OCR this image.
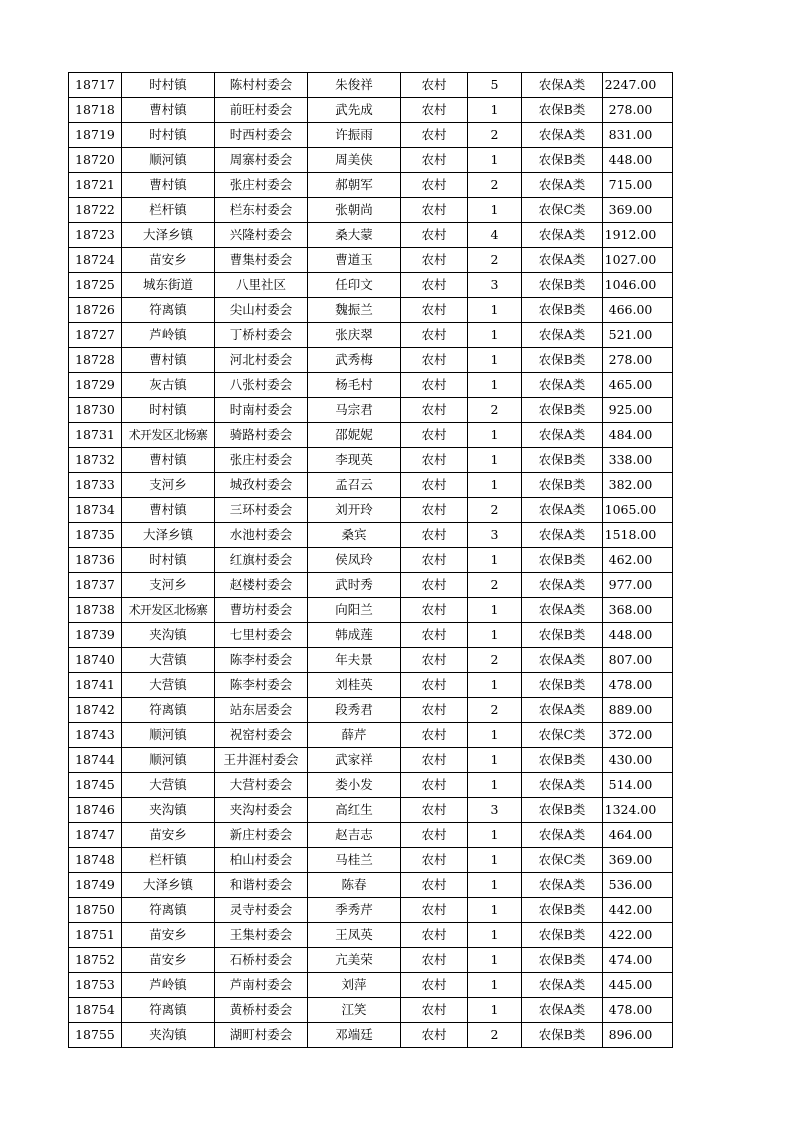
18717	时村镇	陈村村委会	朱俊祥	农村	5	农保A类	2247.00
18718	曹村镇	前旺村委会	武先成	农村	1	农保B类	278.00
18719	时村镇	时西村委会	许振雨	农村	2	农保A类	831.00
18720	顺河镇	周寨村委会	周美侠	农村	1	农保B类	448.00
18721	曹村镇	张庄村委会	郝朝军	农村	2	农保A类	715.00
18722	栏杆镇	栏东村委会	张朝尚	农村	1	农保C类	369.00
18723	大泽乡镇	兴隆村委会	桑大蒙	农村	4	农保A类	1912.00
18724	苗安乡	曹集村委会	曹道玉	农村	2	农保A类	1027.00
18725	城东街道	八里社区	任印文	农村	3	农保B类	1046.00
18726	符离镇	尖山村委会	魏振兰	农村	1	农保B类	466.00
18727	芦岭镇	丁桥村委会	张庆翠	农村	1	农保A类	521.00
18728	曹村镇	河北村委会	武秀梅	农村	1	农保B类	278.00
18729	灰古镇	八张村委会	杨毛村	农村	1	农保A类	465.00
18730	时村镇	时南村委会	马宗君	农村	2	农保B类	925.00
18731	术开发区北杨寨	骑路村委会	邵妮妮	农村	1	农保A类	484.00
18732	曹村镇	张庄村委会	李现英	农村	1	农保B类	338.00
18733	支河乡	城孜村委会	孟召云	农村	1	农保B类	382.00
18734	曹村镇	三环村委会	刘开玲	农村	2	农保A类	1065.00
18735	大泽乡镇	水池村委会	桑宾	农村	3	农保A类	1518.00
18736	时村镇	红旗村委会	侯凤玲	农村	1	农保B类	462.00
18737	支河乡	赵楼村委会	武时秀	农村	2	农保A类	977.00
18738	术开发区北杨寨	曹坊村委会	向阳兰	农村	1	农保A类	368.00
18739	夹沟镇	七里村委会	韩成莲	农村	1	农保B类	448.00
18740	大营镇	陈李村委会	年夫景	农村	2	农保A类	807.00
18741	大营镇	陈李村委会	刘桂英	农村	1	农保B类	478.00
18742	符离镇	站东居委会	段秀君	农村	2	农保A类	889.00
18743	顺河镇	祝窑村委会	薛芹	农村	1	农保C类	372.00
18744	顺河镇	王井涯村委会	武家祥	农村	1	农保B类	430.00
18745	大营镇	大营村委会	娄小发	农村	1	农保A类	514.00
18746	夹沟镇	夹沟村委会	高红生	农村	3	农保B类	1324.00
18747	苗安乡	新庄村委会	赵吉志	农村	1	农保A类	464.00
18748	栏杆镇	柏山村委会	马桂兰	农村	1	农保C类	369.00
18749	大泽乡镇	和谐村委会	陈春	农村	1	农保A类	536.00
18750	符离镇	灵寺村委会	季秀芹	农村	1	农保B类	442.00
18751	苗安乡	王集村委会	王凤英	农村	1	农保B类	422.00
18752	苗安乡	石桥村委会	亢美荣	农村	1	农保B类	474.00
18753	芦岭镇	芦南村委会	刘萍	农村	1	农保A类	445.00
18754	符离镇	黄桥村委会	江笑	农村	1	农保A类	478.00
18755	夹沟镇	湖町村委会	邓端廷	农村	2	农保B类	896.00
